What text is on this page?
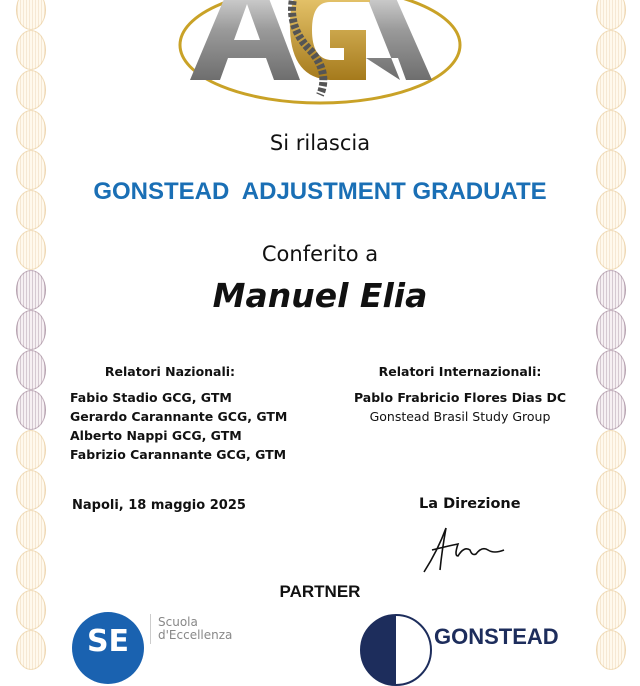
Si rilascia
GONSTEAD  ADJUSTMENT GRADUATE
Conferito a
Manuel Elia
Relatori Nazionali:
Fabio Stadio GCG, GTM
Gerardo Carannante GCG, GTM
Alberto Nappi GCG, GTM
Fabrizio Carannante GCG, GTM
Relatori Internazionali:
Pablo Frabricio Flores Dias DC
Gonstead Brasil Study Group
Napoli, 18 maggio 2025	La Direzione
PARTNER
SE
Scuola
d'Eccellenza	GONSTEAD
